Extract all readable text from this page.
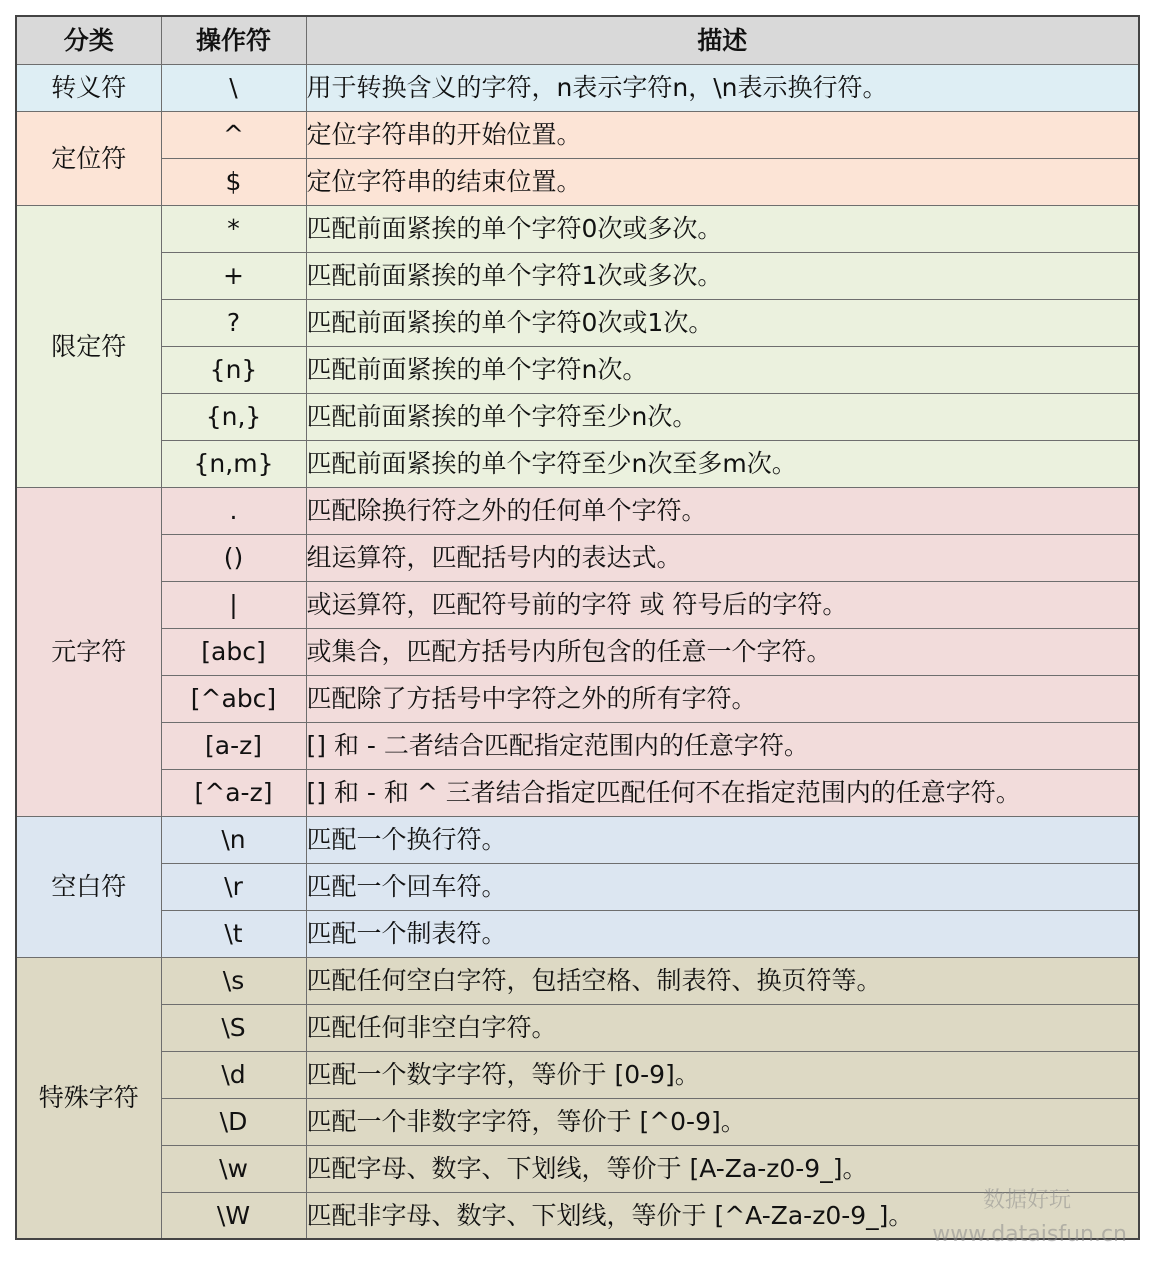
分类	操作符	描述
转义符	\	用于转换含义的字符，n表示字符n，\n表示换行符。
定位符	^	定位字符串的开始位置。
	$	定位字符串的结束位置。
限定符	*	匹配前面紧挨的单个字符0次或多次。
	+	匹配前面紧挨的单个字符1次或多次。
	?	匹配前面紧挨的单个字符0次或1次。
	{n}	匹配前面紧挨的单个字符n次。
	{n,}	匹配前面紧挨的单个字符至少n次。
	{n,m}	匹配前面紧挨的单个字符至少n次至多m次。
元字符	.	匹配除换行符之外的任何单个字符。
	()	组运算符，匹配括号内的表达式。
	|	或运算符，匹配符号前的字符 或 符号后的字符。
	[abc]	或集合，匹配方括号内所包含的任意一个字符。
	[^abc]	匹配除了方括号中字符之外的所有字符。
	[a-z]	[] 和 - 二者结合匹配指定范围内的任意字符。
	[^a-z]	[] 和 - 和 ^ 三者结合指定匹配任何不在指定范围内的任意字符。
空白符	\n	匹配一个换行符。
	\r	匹配一个回车符。
	\t	匹配一个制表符。
特殊字符	\s	匹配任何空白字符，包括空格、制表符、换页符等。
	\S	匹配任何非空白字符。
	\d	匹配一个数字字符，等价于 [0-9]。
	\D	匹配一个非数字字符，等价于 [^0-9]。
	\w	匹配字母、数字、下划线，等价于 [A-Za-z0-9_]。
	\W	匹配非字母、数字、下划线，等价于 [^A-Za-z0-9_]。
数据好玩
www.dataisfun.cn
